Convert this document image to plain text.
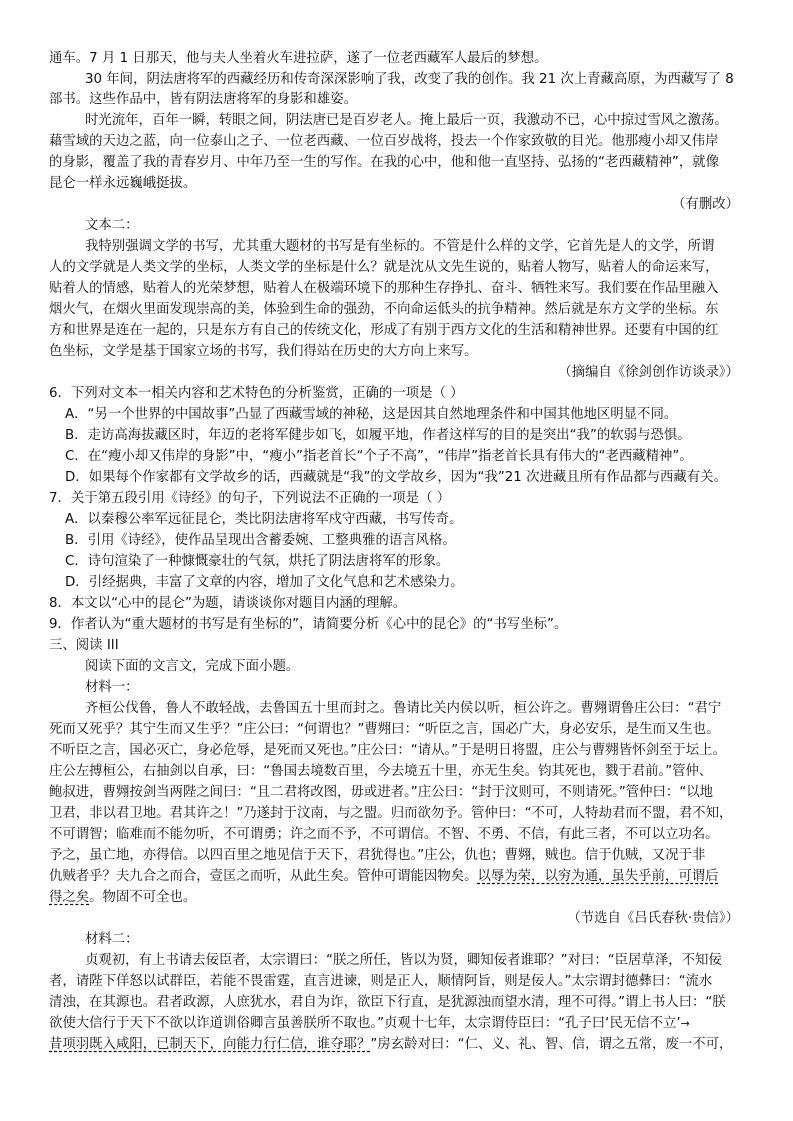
通车。7 月 1 日那天，他与夫人坐着火车进拉萨，遂了一位老西藏军人最后的梦想。
30 年间，阴法唐将军的西藏经历和传奇深深影响了我，改变了我的创作。我 21 次上青藏高原，为西藏写了 8
部书。这些作品中，皆有阴法唐将军的身影和雄姿。
时光流年，百年一瞬，转眼之间，阴法唐已是百岁老人。掩上最后一页，我激动不已，心中掠过雪风之激荡。
藉雪域的天边之蓝，向一位泰山之子、一位老西藏、一位百岁战将，投去一个作家致敬的目光。他那瘦小却又伟岸
的身影，覆盖了我的青春岁月、中年乃至一生的写作。在我的心中，他和他一直坚持、弘扬的“老西藏精神”，就像
昆仑一样永远巍峨挺拔。
（有删改）
文本二：
我特别强调文学的书写，尤其重大题材的书写是有坐标的。不管是什么样的文学，它首先是人的文学，所谓
人的文学就是人类文学的坐标，人类文学的坐标是什么？就是沈从文先生说的，贴着人物写，贴着人的命运来写，
贴着人的情感，贴着人的光荣梦想，贴着人在极端环境下的那种生存挣扎、奋斗、牺牲来写。我们要在作品里融入
烟火气，在烟火里面发现崇高的美，体验到生命的强劲，不向命运低头的抗争精神。然后就是东方文学的坐标。东
方和世界是连在一起的，只是东方有自己的传统文化，形成了有别于西方文化的生活和精神世界。还要有中国的红
色坐标，文学是基于国家立场的书写，我们得站在历史的大方向上来写。
（摘编自《徐剑创作访谈录》）
6．下列对文本一相关内容和艺术特色的分析鉴赏，正确的一项是（ ）
A．“另一个世界的中国故事”凸显了西藏雪域的神秘，这是因其自然地理条件和中国其他地区明显不同。
B．走访高海拔藏区时，年迈的老将军健步如飞，如履平地，作者这样写的目的是突出“我”的软弱与恐惧。
C．在“瘦小却又伟岸的身影”中，“瘦小”指老首长“个子不高”，“伟岸”指老首长具有伟大的“老西藏精神”。
D．如果每个作家都有文学故乡的话，西藏就是“我”的文学故乡，因为“我”21 次进藏且所有作品都与西藏有关。
7．关于第五段引用《诗经》的句子，下列说法不正确的一项是（ ）
A．以秦穆公率军远征昆仑，类比阴法唐将军戍守西藏，书写传奇。
B．引用《诗经》，使作品呈现出含蓄委婉、工整典雅的语言风格。
C．诗句渲染了一种慷慨豪壮的气氛，烘托了阴法唐将军的形象。
D．引经据典，丰富了文章的内容，增加了文化气息和艺术感染力。
8．本文以“心中的昆仑”为题，请谈谈你对题目内涵的理解。
9．作者认为“重大题材的书写是有坐标的”，请简要分析《心中的昆仑》的“书写坐标”。
三、阅读 III
阅读下面的文言文，完成下面小题。
材料一：
齐桓公伐鲁，鲁人不敢轻战，去鲁国五十里而封之。鲁请比关内侯以听，桓公许之。曹翙谓鲁庄公曰：“君宁
死而又死乎？其宁生而又生乎？”庄公曰：“何谓也？”曹翙曰：“听臣之言，国必广大，身必安乐，是生而又生也。
不听臣之言，国必灭亡，身必危辱，是死而又死也。”庄公曰：“请从。”于是明日将盟，庄公与曹翙皆怀剑至于坛上。
庄公左搏桓公，右抽剑以自承，曰：“鲁国去境数百里，今去境五十里，亦无生矣。钧其死也，戮于君前。”管仲、
鲍叔进，曹翙按剑当两陛之间曰：“且二君将改图，毋或进者。”庄公曰：“封于汶则可，不则请死。”管仲曰：“以地
卫君，非以君卫地。君其许之！”乃遂封于汶南，与之盟。归而欲勿予。管仲曰：“不可，人特劫君而不盟，君不知，
不可谓智；临难而不能勿听，不可谓勇；许之而不予，不可谓信。不智、不勇、不信，有此三者，不可以立功名。
予之，虽亡地，亦得信。以四百里之地见信于天下，君犹得也。”庄公，仇也；曹翙，贼也。信于仇贼，又况于非
仇贼者乎？夫九合之而合，壹匡之而听，从此生矣。管仲可谓能因物矣。以辱为荣，以穷为通，虽失乎前，可谓后
得之矣。物固不可全也。
（节选自《吕氏春秋·贵信》）
材料二：
贞观初，有上书请去佞臣者，太宗谓曰：“朕之所任，皆以为贤，卿知佞者谁耶？”对曰：“臣居草泽，不知佞
者，请陛下佯怒以试群臣，若能不畏雷霆，直言进谏，则是正人，顺情阿旨，则是佞人。”太宗谓封德彝曰：“流水
清浊，在其源也。君者政源，人庶犹水，君自为诈，欲臣下行直，是犹源浊而望水清，理不可得。”谓上书人曰：“朕
欲使大信行于天下不欲以诈道训俗卿言虽善朕所不取也。”贞观十七年，太宗谓侍臣曰：“孔子曰‘民无信不立’→
昔项羽既入咸阳，已制天下，向能力行仁信，谁夺耶？”房玄龄对曰：“仁、义、礼、智、信，谓之五常，废一不可，
